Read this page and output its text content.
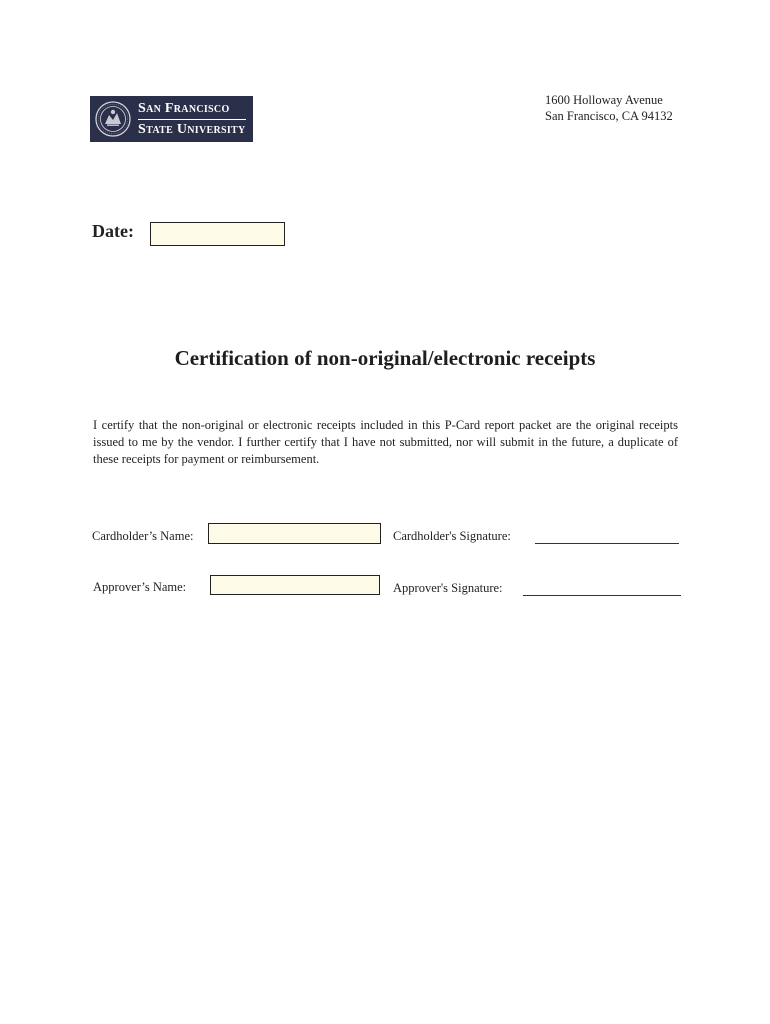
San Francisco
State University
1600 Holloway Avenue
San Francisco, CA 94132
Date:
Certification of non-original/electronic receipts
I certify that the non-original or electronic receipts included in this P-Card report packet are the original receipts issued to me by the vendor. I further certify that I have not submitted, nor will submit in the future, a duplicate of these receipts for payment or reimbursement.
Cardholder’s Name:	Cardholder's Signature:
Approver’s Name:	Approver's Signature:
